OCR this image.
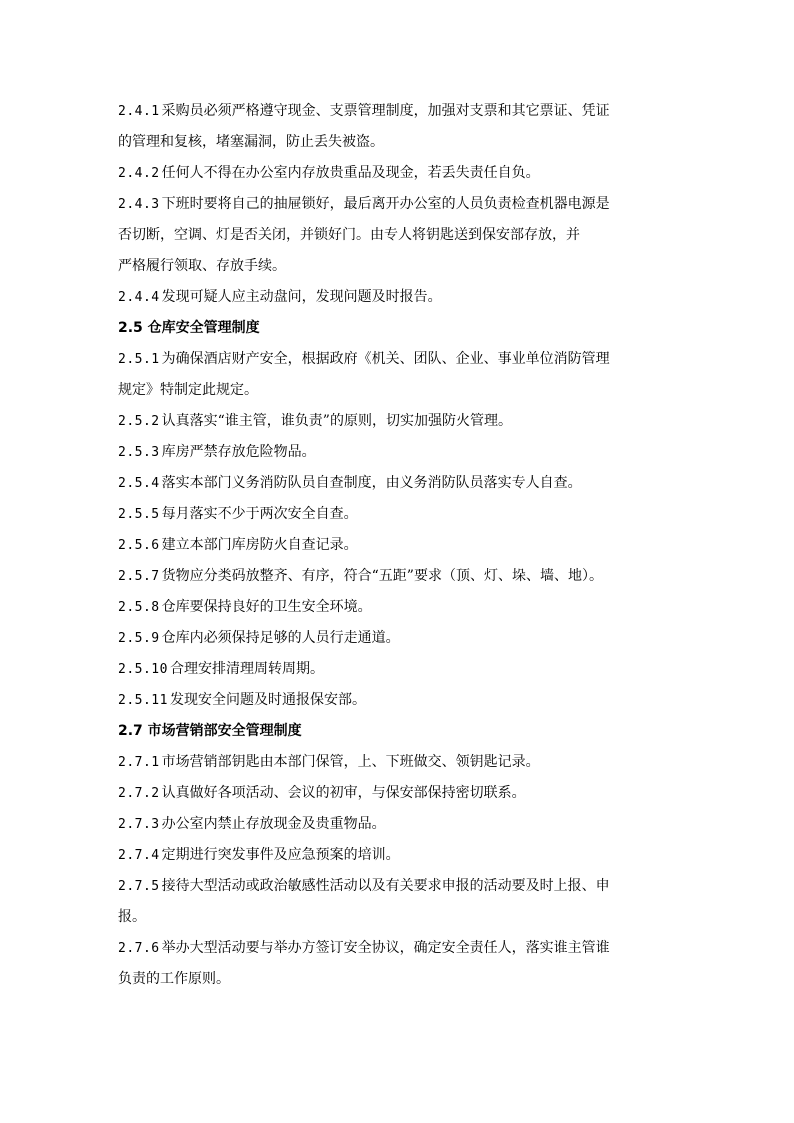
2.4.1 采购员必须严格遵守现金、支票管理制度，加强对支票和其它票证、凭证
的管理和复核，堵塞漏洞，防止丢失被盗。
2.4.2 任何人不得在办公室内存放贵重品及现金，若丢失责任自负。
2.4.3 下班时要将自己的抽屉锁好，最后离开办公室的人员负责检查机器电源是
否切断，空调、灯是否关闭，并锁好门。由专人将钥匙送到保安部存放，并
严格履行领取、存放手续。
2.4.4 发现可疑人应主动盘问，发现问题及时报告。
2.5 仓库安全管理制度
2.5.1 为确保酒店财产安全，根据政府《机关、团队、企业、事业单位消防管理
规定》特制定此规定。
2.5.2 认真落实“谁主管，谁负责”的原则，切实加强防火管理。
2.5.3 库房严禁存放危险物品。
2.5.4 落实本部门义务消防队员自查制度，由义务消防队员落实专人自查。
2.5.5 每月落实不少于两次安全自查。
2.5.6 建立本部门库房防火自查记录。
2.5.7 货物应分类码放整齐、有序，符合“五距”要求（顶、灯、垛、墙、地）。
2.5.8 仓库要保持良好的卫生安全环境。
2.5.9 仓库内必须保持足够的人员行走通道。
2.5.10 合理安排清理周转周期。
2.5.11 发现安全问题及时通报保安部。
2.7 市场营销部安全管理制度
2.7.1 市场营销部钥匙由本部门保管，上、下班做交、领钥匙记录。
2.7.2 认真做好各项活动、会议的初审，与保安部保持密切联系。
2.7.3 办公室内禁止存放现金及贵重物品。
2.7.4 定期进行突发事件及应急预案的培训。
2.7.5 接待大型活动或政治敏感性活动以及有关要求申报的活动要及时上报、申
报。
2.7.6 举办大型活动要与举办方签订安全协议，确定安全责任人，落实谁主管谁
负责的工作原则。
